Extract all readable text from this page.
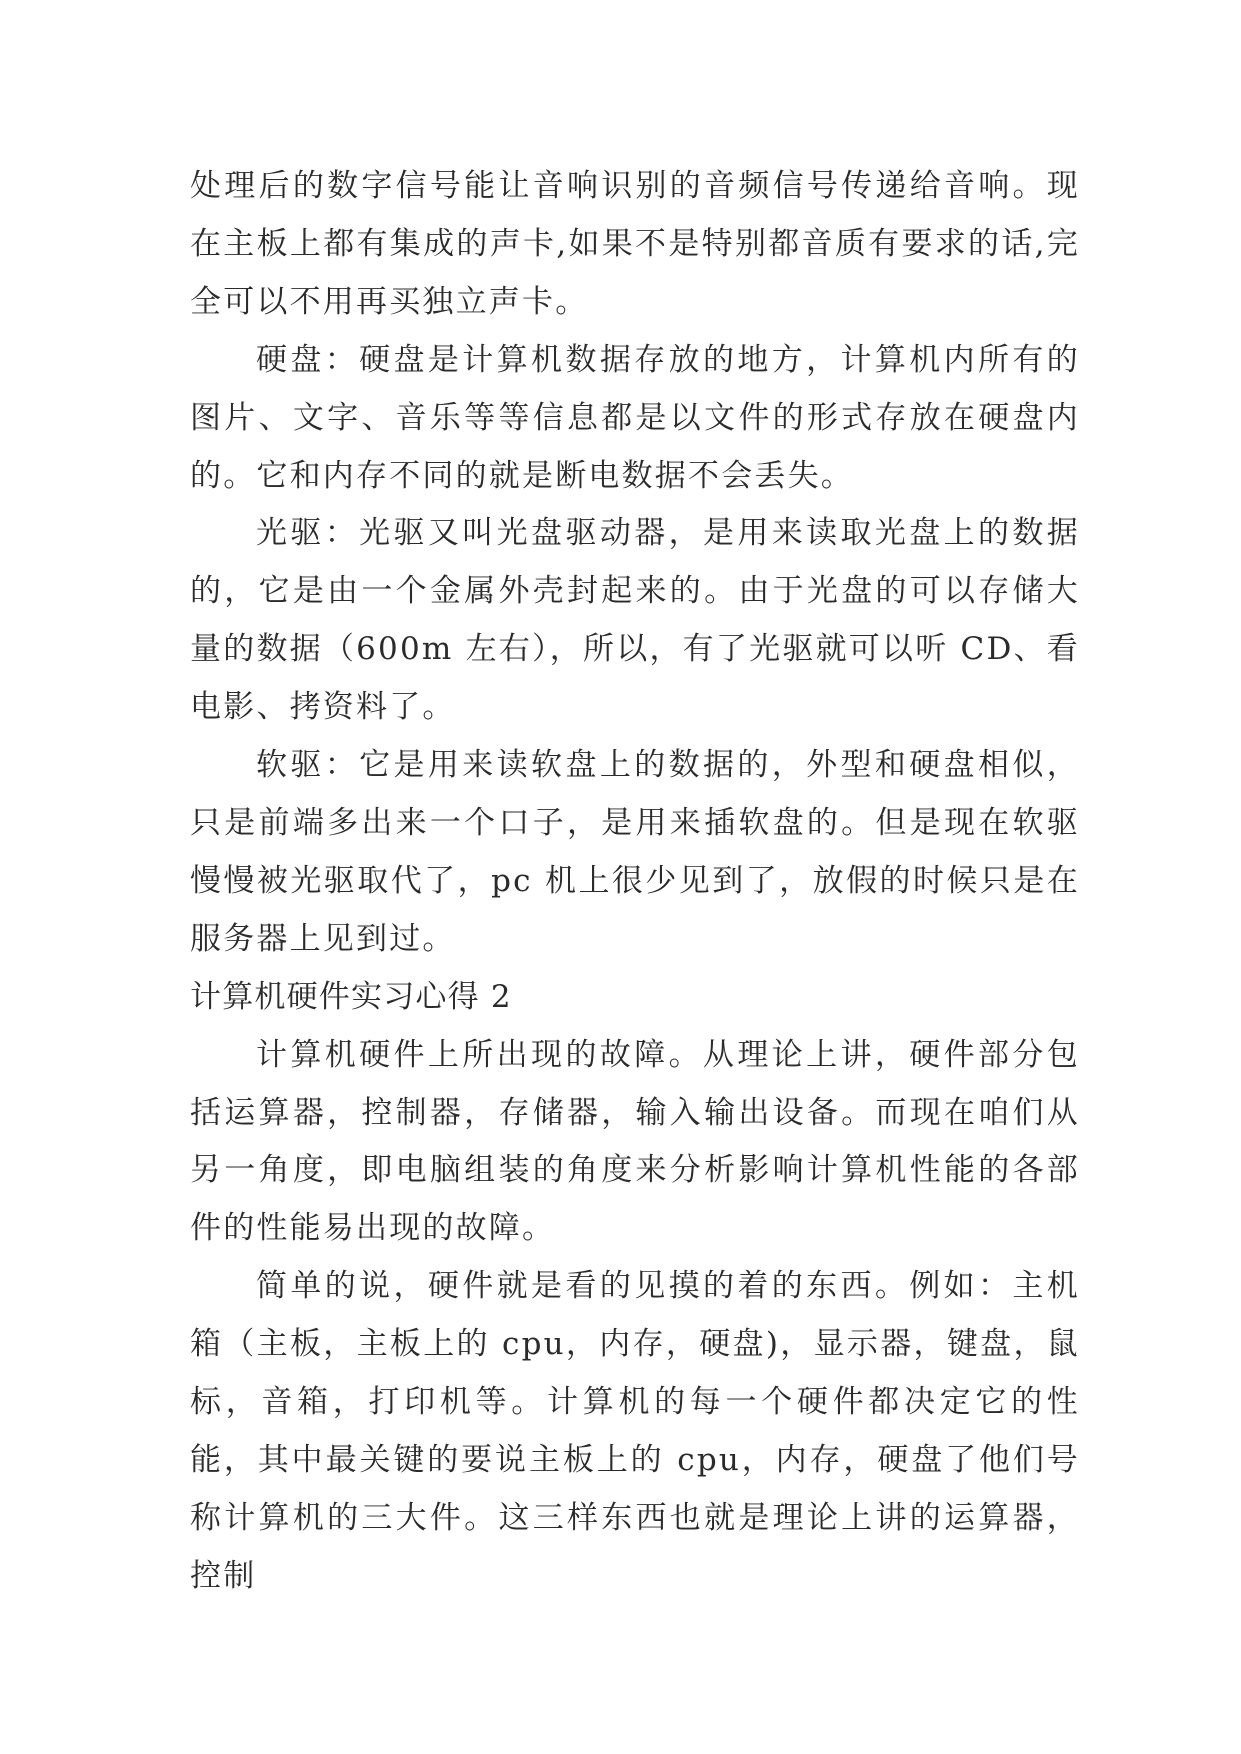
处理后的数字信号能让音响识别的音频信号传递给音响。现在主板上都有集成的声卡,如果不是特别都音质有要求的话,完全可以不用再买独立声卡。

硬盘：硬盘是计算机数据存放的地方，计算机内所有的图片、文字、音乐等等信息都是以文件的形式存放在硬盘内的。它和内存不同的就是断电数据不会丢失。

光驱：光驱又叫光盘驱动器，是用来读取光盘上的数据的，它是由一个金属外壳封起来的。由于光盘的可以存储大量的数据（600m 左右），所以，有了光驱就可以听 CD、看电影、拷资料了。

软驱：它是用来读软盘上的数据的，外型和硬盘相似，只是前端多出来一个口子，是用来插软盘的。但是现在软驱慢慢被光驱取代了，pc 机上很少见到了，放假的时候只是在服务器上见到过。

计算机硬件实习心得 2

计算机硬件上所出现的故障。从理论上讲，硬件部分包括运算器，控制器，存储器，输入输出设备。而现在咱们从另一角度，即电脑组装的角度来分析影响计算机性能的各部件的性能易出现的故障。

简单的说，硬件就是看的见摸的着的东西。例如：主机箱（主板，主板上的 cpu，内存，硬盘)，显示器，键盘，鼠标，音箱，打印机等。计算机的每一个硬件都决定它的性能，其中最关键的要说主板上的 cpu，内存，硬盘了他们号称计算机的三大件。这三样东西也就是理论上讲的运算器，控制
